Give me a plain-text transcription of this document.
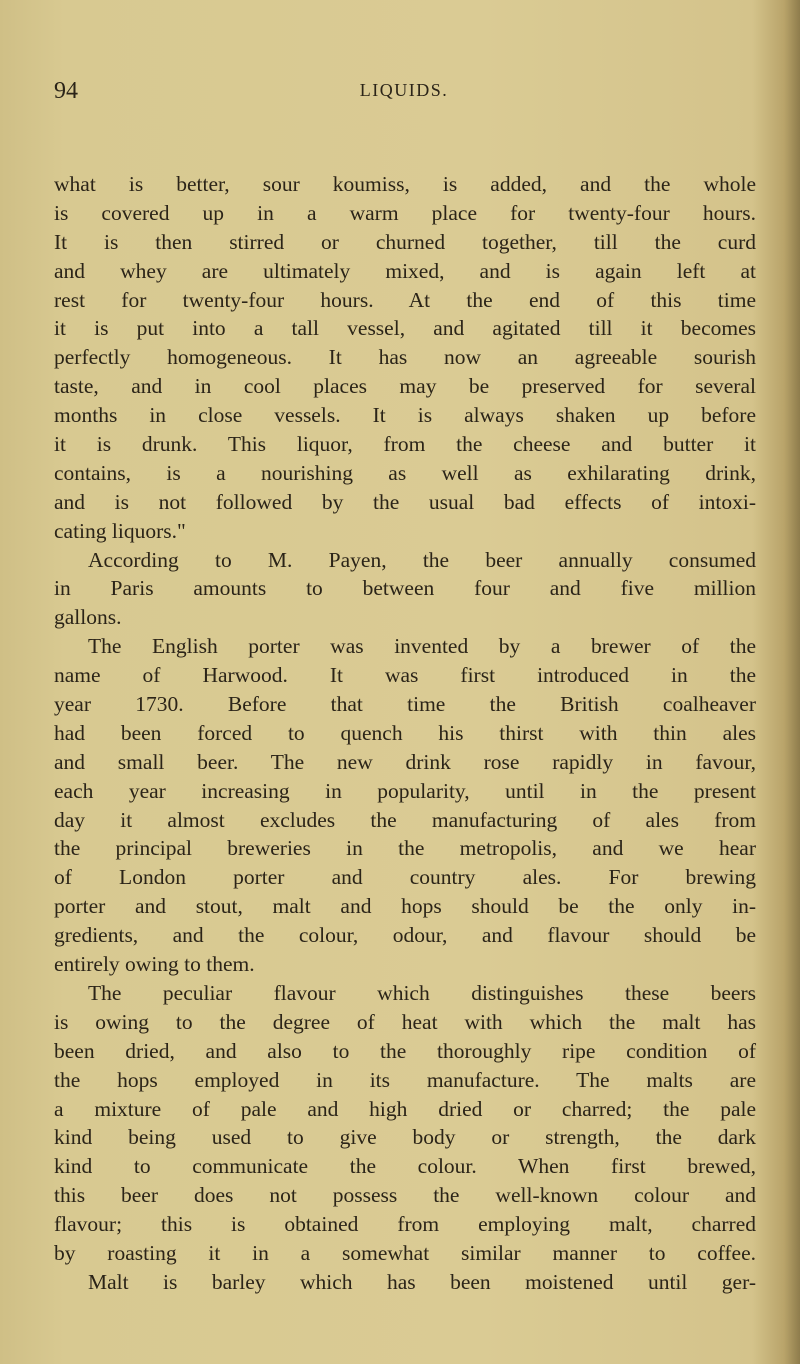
94	LIQUIDS.
what is better, sour koumiss, is added, and the whole
is covered up in a warm place for twenty-four hours.
It is then stirred or churned together, till the curd
and whey are ultimately mixed, and is again left at
rest for twenty-four hours. At the end of this time
it is put into a tall vessel, and agitated till it becomes
perfectly homogeneous. It has now an agreeable sourish
taste, and in cool places may be preserved for several
months in close vessels. It is always shaken up before
it is drunk. This liquor, from the cheese and butter it
contains, is a nourishing as well as exhilarating drink,
and is not followed by the usual bad effects of intoxi-
cating liquors."
According to M. Payen, the beer annually consumed
in Paris amounts to between four and five million
gallons.
The English porter was invented by a brewer of the
name of Harwood. It was first introduced in the
year 1730. Before that time the British coalheaver
had been forced to quench his thirst with thin ales
and small beer. The new drink rose rapidly in favour,
each year increasing in popularity, until in the present
day it almost excludes the manufacturing of ales from
the principal breweries in the metropolis, and we hear
of London porter and country ales. For brewing
porter and stout, malt and hops should be the only in-
gredients, and the colour, odour, and flavour should be
entirely owing to them.
The peculiar flavour which distinguishes these beers
is owing to the degree of heat with which the malt has
been dried, and also to the thoroughly ripe condition of
the hops employed in its manufacture. The malts are
a mixture of pale and high dried or charred; the pale
kind being used to give body or strength, the dark
kind to communicate the colour. When first brewed,
this beer does not possess the well-known colour and
flavour; this is obtained from employing malt, charred
by roasting it in a somewhat similar manner to coffee.
Malt is barley which has been moistened until ger-
